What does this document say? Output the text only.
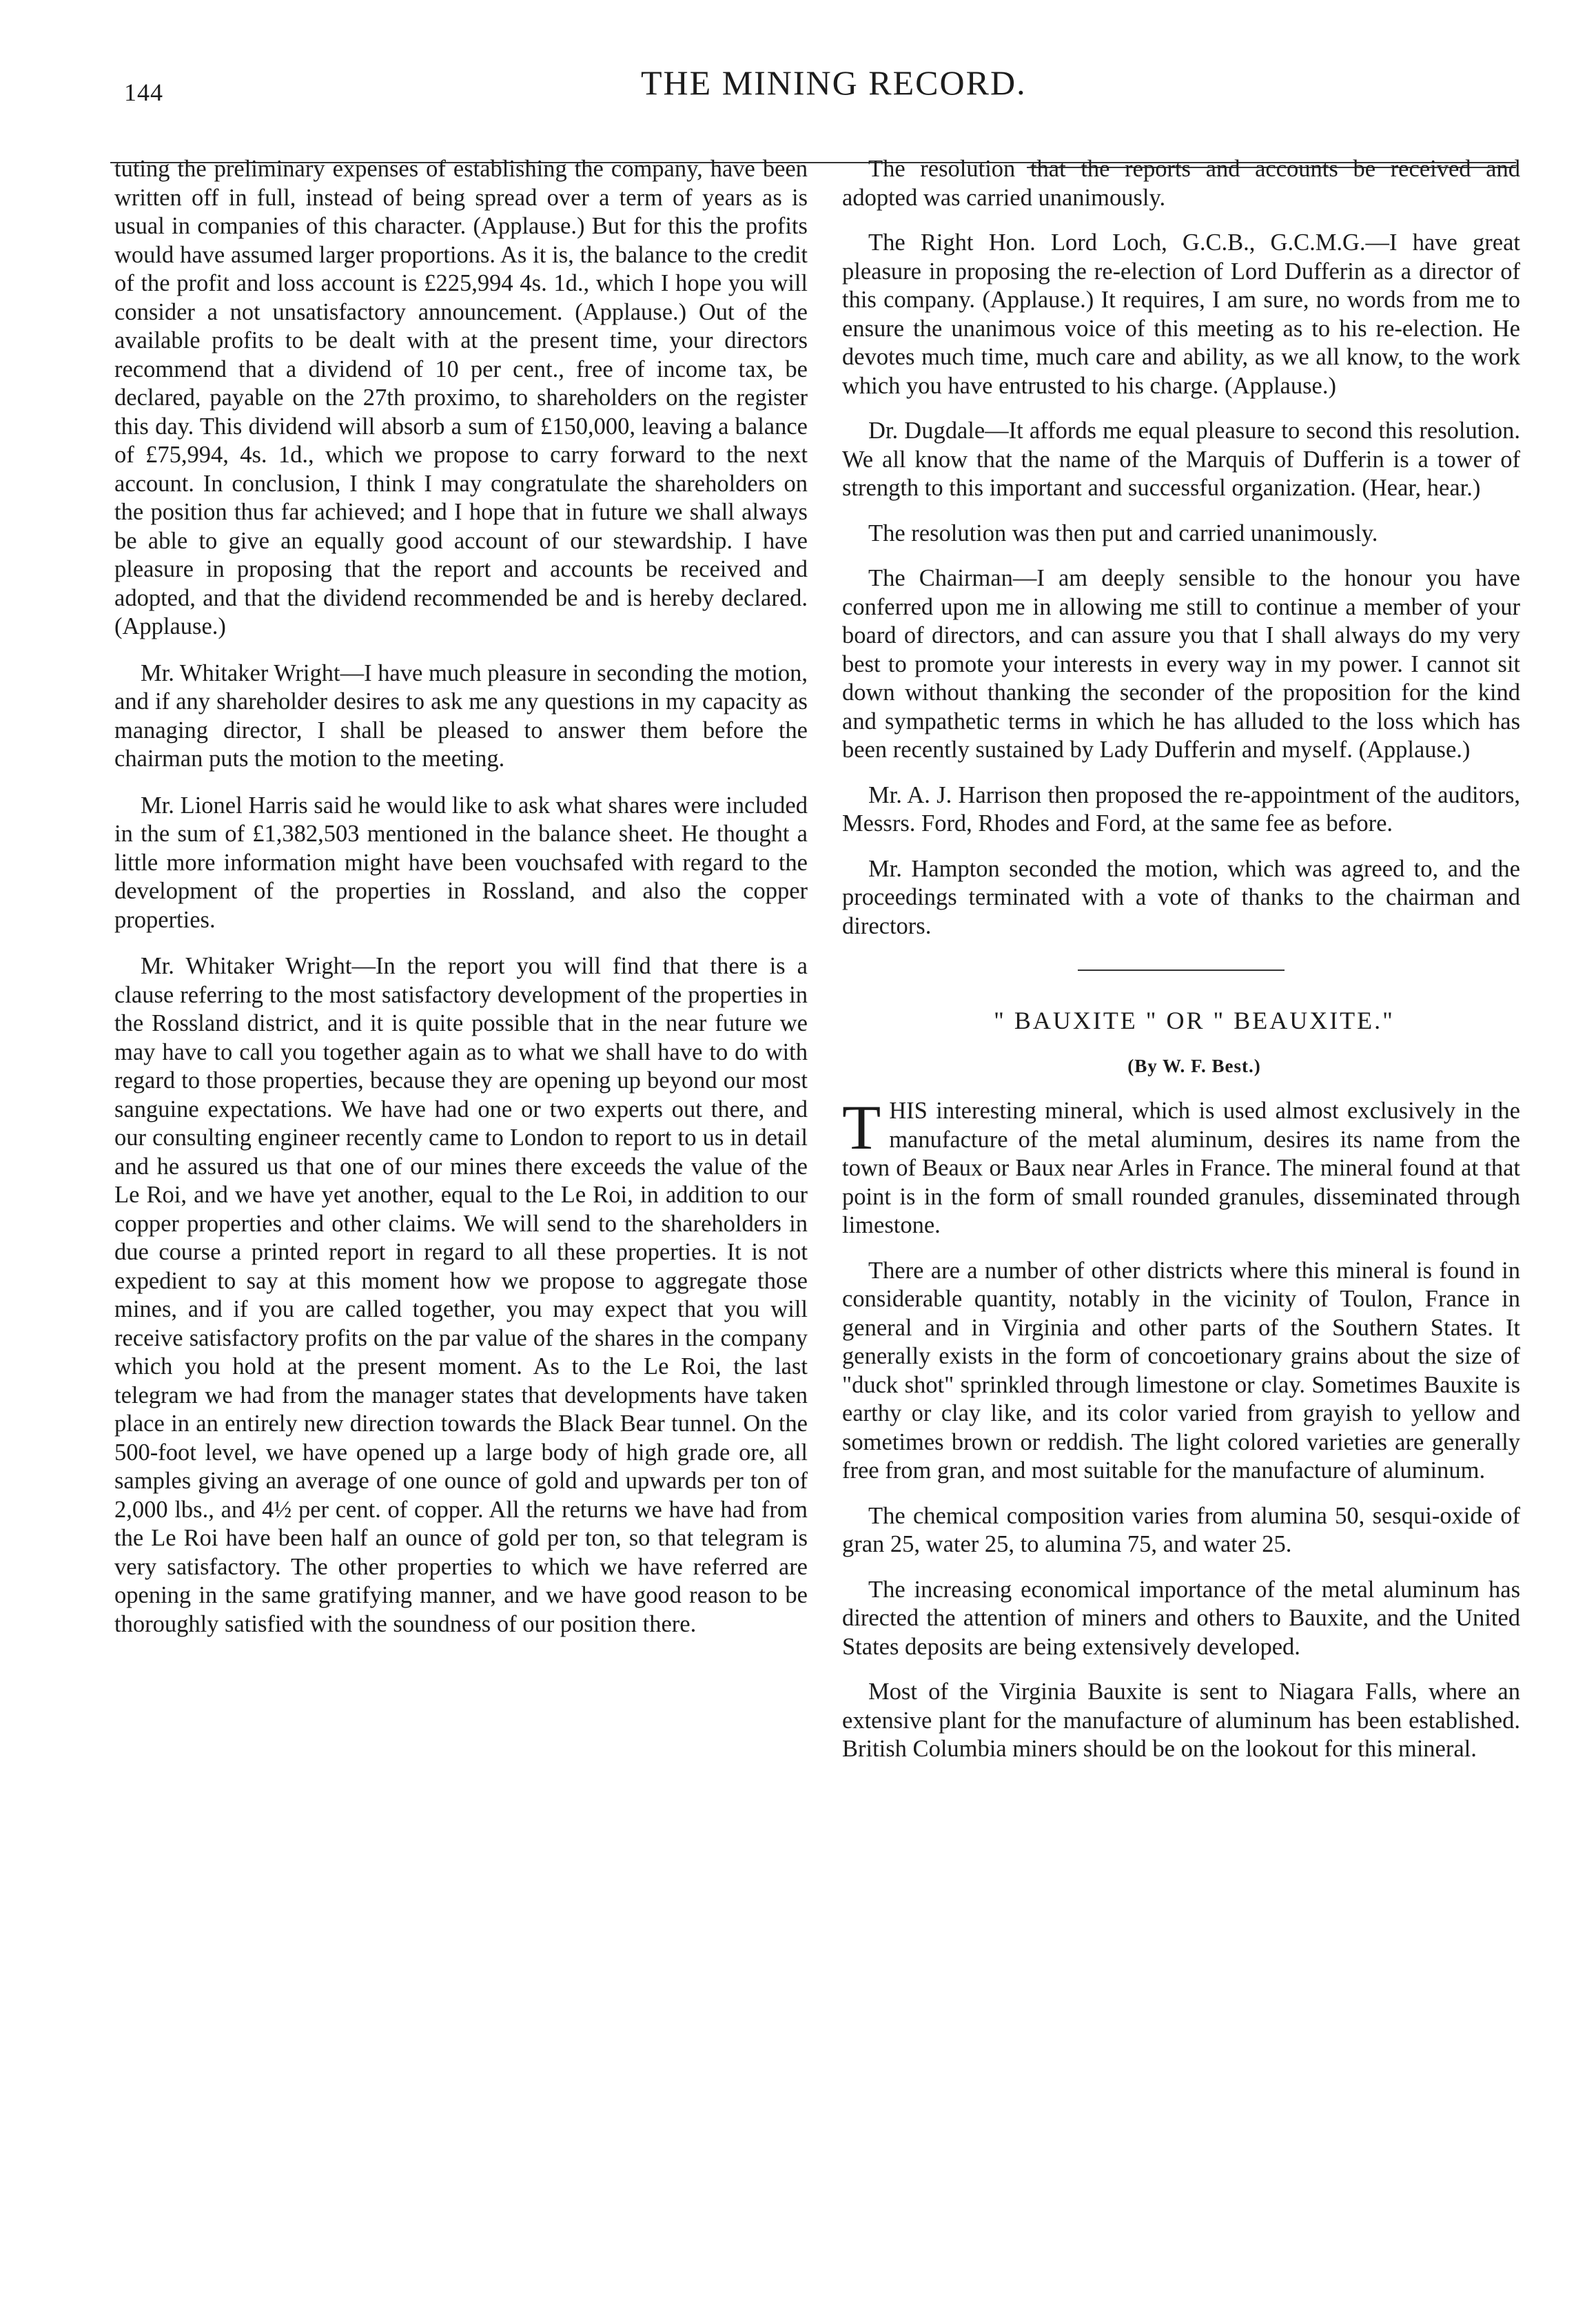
144	THE MINING RECORD.

tuting the preliminary expenses of establishing the company, have been written off in full, instead of being spread over a term of years as is usual in companies of this character. (Applause.) But for this the profits would have assumed larger proportions. As it is, the balance to the credit of the profit and loss account is £225,994 4s. 1d., which I hope you will consider a not unsatisfactory announcement. (Applause.) Out of the available profits to be dealt with at the present time, your directors recommend that a dividend of 10 per cent., free of income tax, be declared, payable on the 27th proximo, to shareholders on the register this day. This dividend will absorb a sum of £150,000, leaving a balance of £75,994, 4s. 1d., which we propose to carry forward to the next account. In conclusion, I think I may congratulate the shareholders on the position thus far achieved; and I hope that in future we shall always be able to give an equally good account of our stewardship. I have pleasure in proposing that the report and accounts be received and adopted, and that the dividend recommended be and is hereby declared. (Applause.)

Mr. Whitaker Wright—I have much pleasure in seconding the motion, and if any shareholder desires to ask me any questions in my capacity as managing director, I shall be pleased to answer them before the chairman puts the motion to the meeting.

Mr. Lionel Harris said he would like to ask what shares were included in the sum of £1,382,503 mentioned in the balance sheet. He thought a little more information might have been vouchsafed with regard to the development of the properties in Rossland, and also the copper properties.

Mr. Whitaker Wright—In the report you will find that there is a clause referring to the most satisfactory development of the properties in the Rossland district, and it is quite possible that in the near future we may have to call you together again as to what we shall have to do with regard to those properties, because they are opening up beyond our most sanguine expectations. We have had one or two experts out there, and our consulting engineer recently came to London to report to us in detail and he assured us that one of our mines there exceeds the value of the Le Roi, and we have yet another, equal to the Le Roi, in addition to our copper properties and other claims. We will send to the shareholders in due course a printed report in regard to all these properties. It is not expedient to say at this moment how we propose to aggregate those mines, and if you are called together, you may expect that you will receive satisfactory profits on the par value of the shares in the company which you hold at the present moment. As to the Le Roi, the last telegram we had from the manager states that developments have taken place in an entirely new direction towards the Black Bear tunnel. On the 500-foot level, we have opened up a large body of high grade ore, all samples giving an average of one ounce of gold and upwards per ton of 2,000 lbs., and 4½ per cent. of copper. All the returns we have had from the Le Roi have been half an ounce of gold per ton, so that telegram is very satisfactory. The other properties to which we have referred are opening in the same gratifying manner, and we have good reason to be thoroughly satisfied with the soundness of our position there.

The resolution that the reports and accounts be received and adopted was carried unanimously.

The Right Hon. Lord Loch, G.C.B., G.C.M.G.—I have great pleasure in proposing the re-election of Lord Dufferin as a director of this company. (Applause.) It requires, I am sure, no words from me to ensure the unanimous voice of this meeting as to his re-election. He devotes much time, much care and ability, as we all know, to the work which you have entrusted to his charge. (Applause.)

Dr. Dugdale—It affords me equal pleasure to second this resolution. We all know that the name of the Marquis of Dufferin is a tower of strength to this important and successful organization. (Hear, hear.)

The resolution was then put and carried unanimously.

The Chairman—I am deeply sensible to the honour you have conferred upon me in allowing me still to continue a member of your board of directors, and can assure you that I shall always do my very best to promote your interests in every way in my power. I cannot sit down without thanking the seconder of the proposition for the kind and sympathetic terms in which he has alluded to the loss which has been recently sustained by Lady Dufferin and myself. (Applause.)

Mr. A. J. Harrison then proposed the re-appointment of the auditors, Messrs. Ford, Rhodes and Ford, at the same fee as before.

Mr. Hampton seconded the motion, which was agreed to, and the proceedings terminated with a vote of thanks to the chairman and directors.

" BAUXITE " OR " BEAUXITE."

(By W. F. Best.)

THIS interesting mineral, which is used almost exclusively in the manufacture of the metal aluminum, desires its name from the town of Beaux or Baux near Arles in France. The mineral found at that point is in the form of small rounded granules, disseminated through limestone.

There are a number of other districts where this mineral is found in considerable quantity, notably in the vicinity of Toulon, France in general and in Virginia and other parts of the Southern States. It generally exists in the form of concoetionary grains about the size of "duck shot" sprinkled through limestone or clay. Sometimes Bauxite is earthy or clay like, and its color varied from grayish to yellow and sometimes brown or reddish. The light colored varieties are generally free from gran, and most suitable for the manufacture of aluminum.

The chemical composition varies from alumina 50, sesqui-oxide of gran 25, water 25, to alumina 75, and water 25.

The increasing economical importance of the metal aluminum has directed the attention of miners and others to Bauxite, and the United States deposits are being extensively developed.

Most of the Virginia Bauxite is sent to Niagara Falls, where an extensive plant for the manufacture of aluminum has been established. British Columbia miners should be on the lookout for this mineral.
